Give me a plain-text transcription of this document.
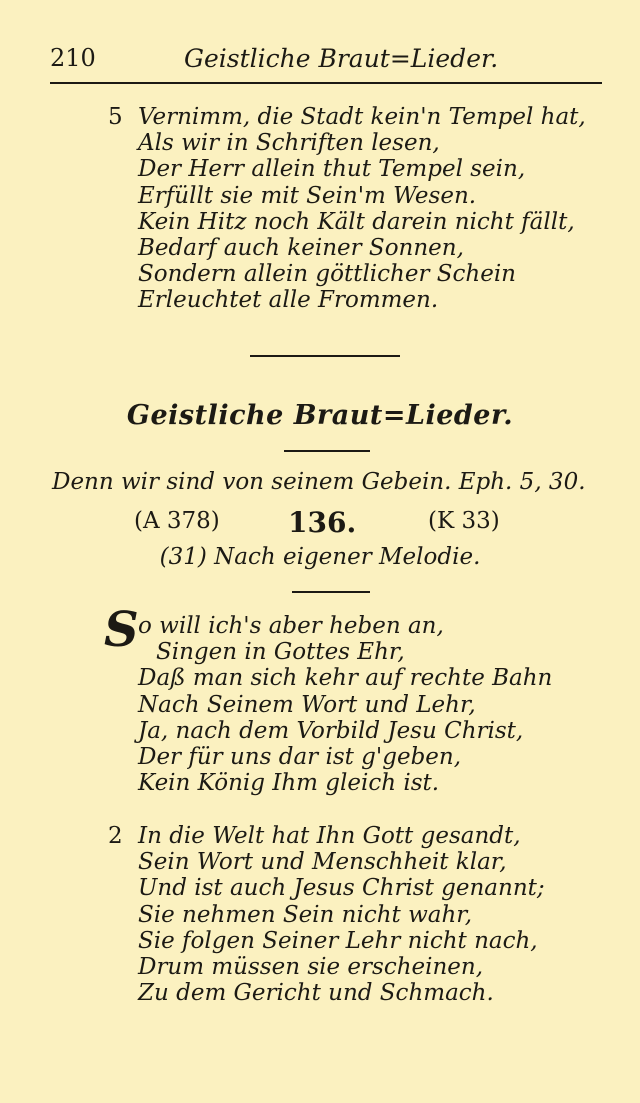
210	Geistliche Braut=Lieder.
5 Vernimm, die Stadt kein'n Tempel hat,
Als wir in Schriften lesen,
Der Herr allein thut Tempel sein,
Erfüllt sie mit Sein'm Wesen.
Kein Hitz noch Kält darein nicht fällt,
Bedarf auch keiner Sonnen,
Sondern allein göttlicher Schein
Erleuchtet alle Frommen.
Geistliche Braut=Lieder.
Denn wir sind von seinem Gebein. Eph. 5, 30.
(A 378) 136.	(K 33)
(31) Nach eigener Melodie.
S o will ich's aber heben an,
Singen in Gottes Ehr,
Daß man sich kehr auf rechte Bahn
Nach Seinem Wort und Lehr,
Ja, nach dem Vorbild Jesu Christ,
Der für uns dar ist g'geben,
Kein König Ihm gleich ist.
2 In die Welt hat Ihn Gott gesandt,
Sein Wort und Menschheit klar,
Und ist auch Jesus Christ genannt;
Sie nehmen Sein nicht wahr,
Sie folgen Seiner Lehr nicht nach,
Drum müssen sie erscheinen,
Zu dem Gericht und Schmach.
